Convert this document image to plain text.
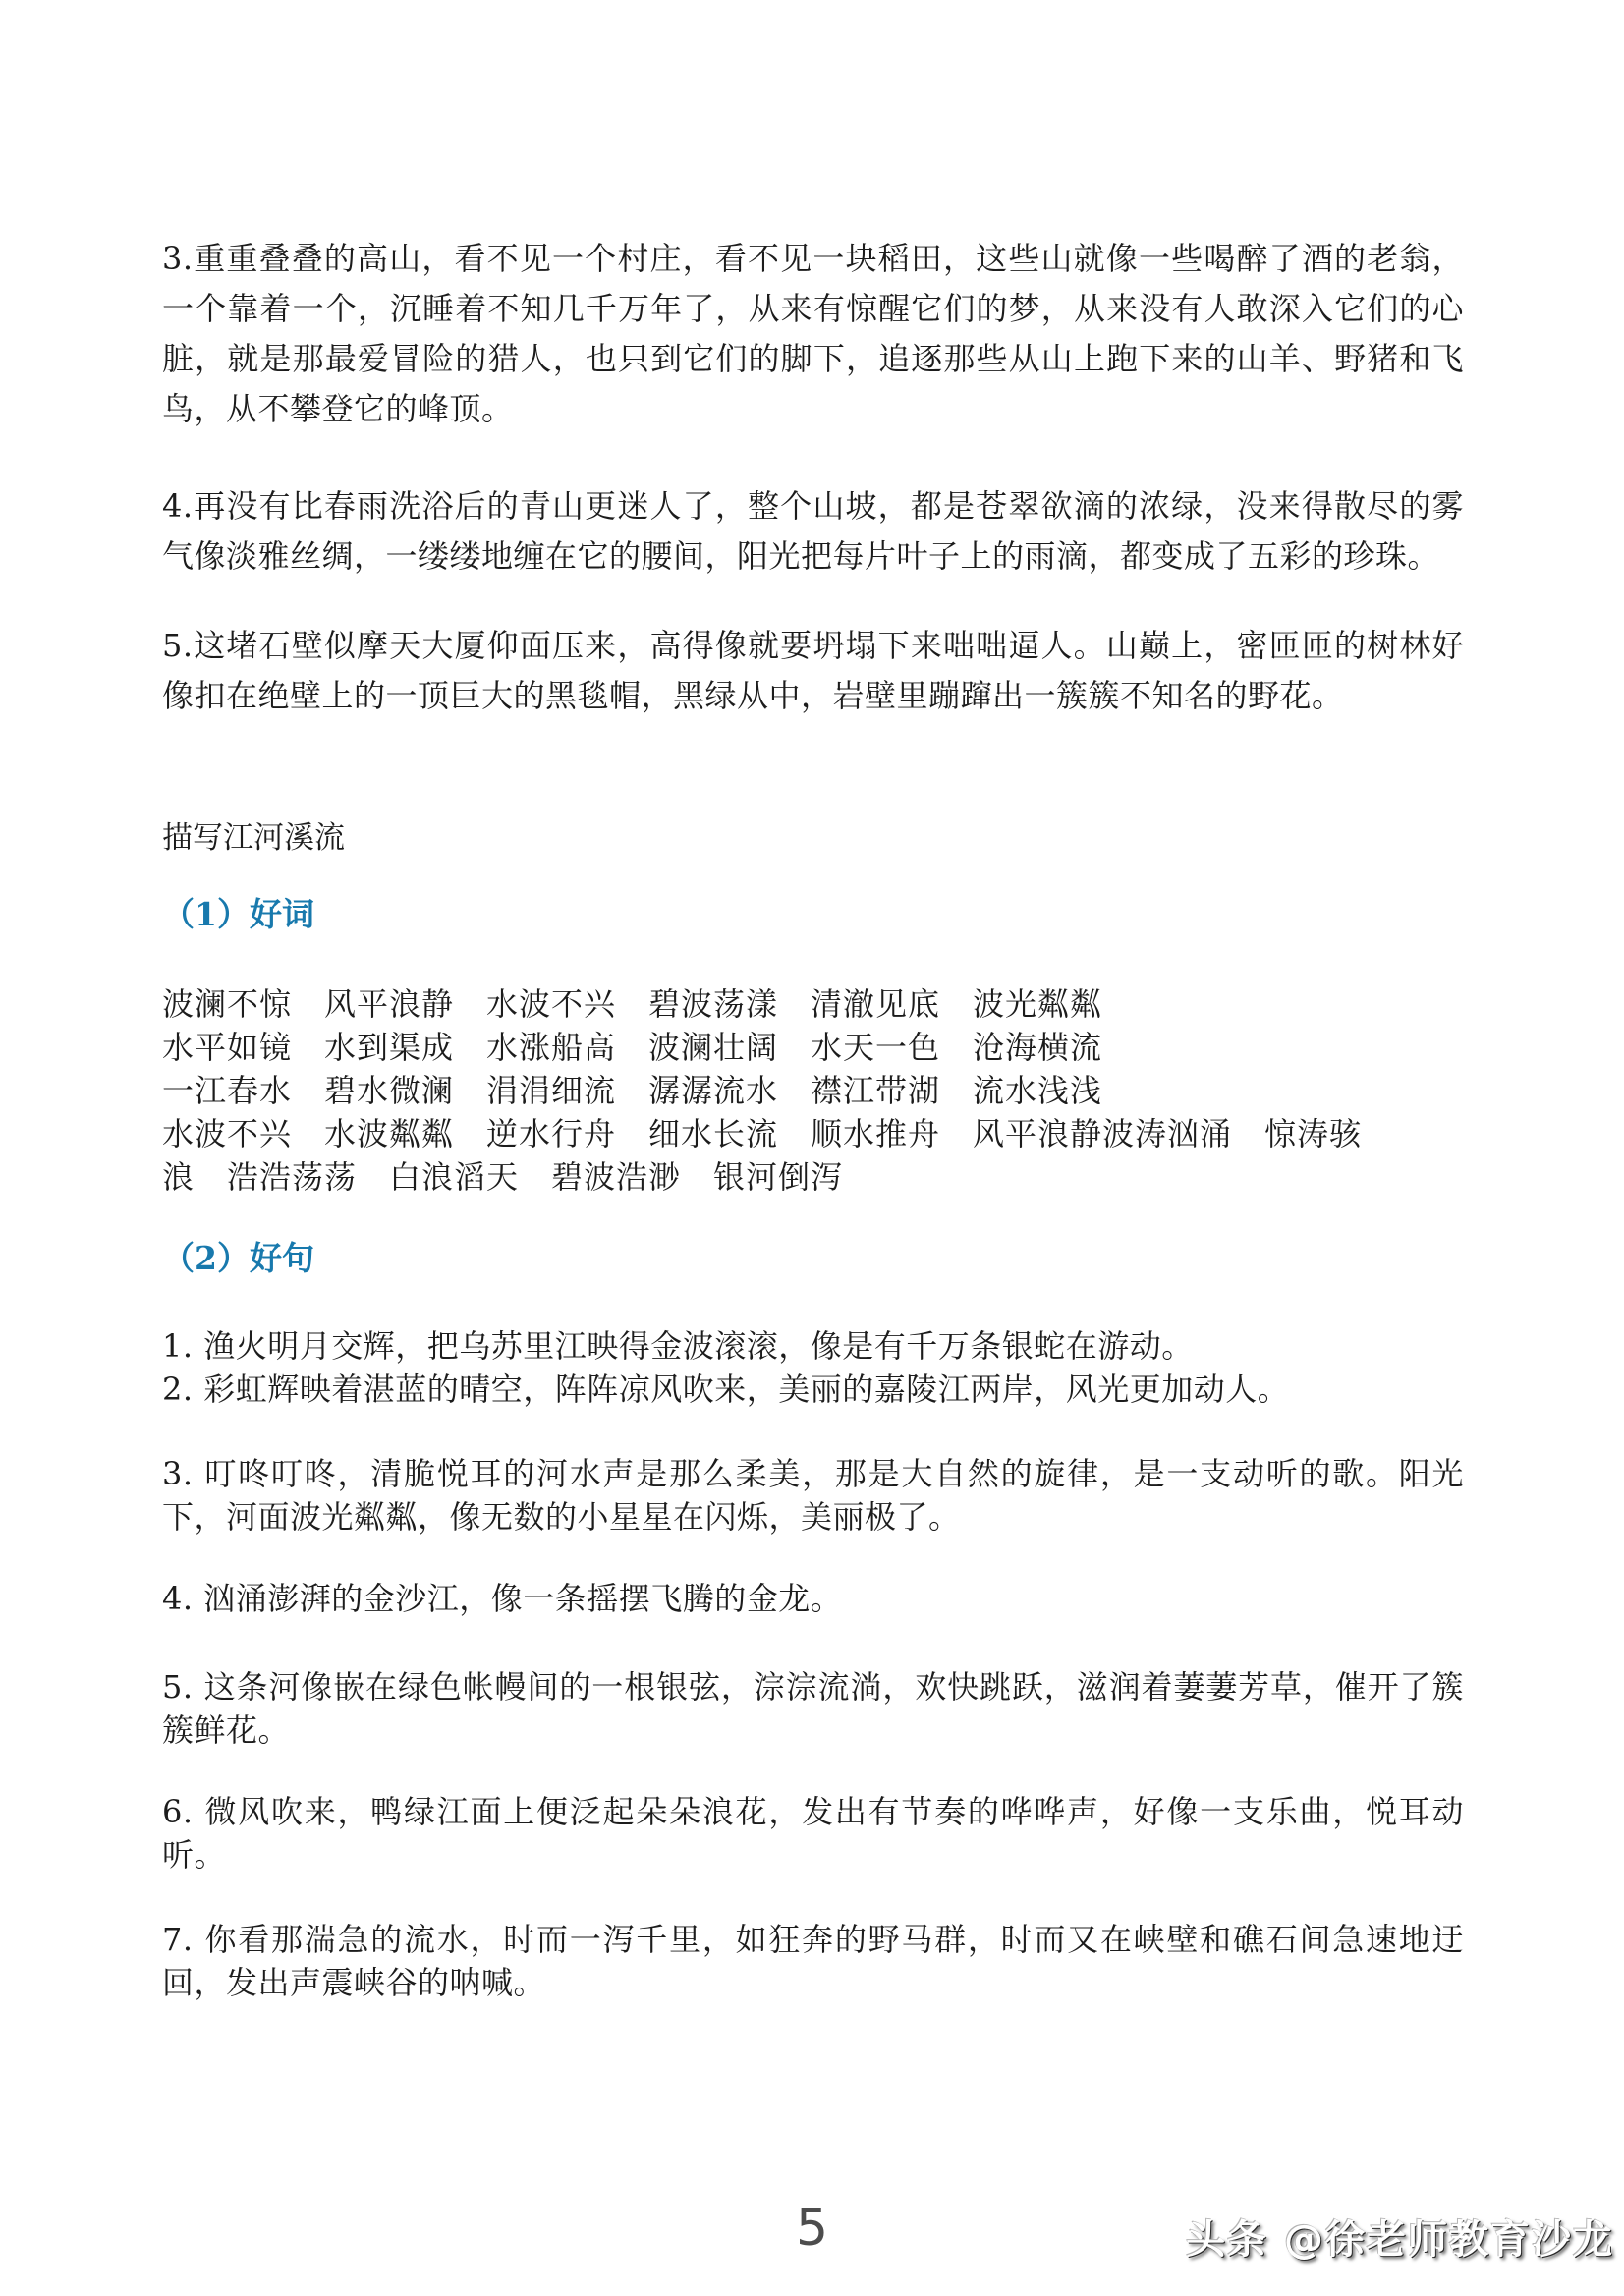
3.重重叠叠的高山，看不见一个村庄，看不见一块稻田，这些山就像一些喝醉了酒的老翁，一个靠着一个，沉睡着不知几千万年了，从来有惊醒它们的梦，从来没有人敢深入它们的心脏，就是那最爱冒险的猎人，也只到它们的脚下，追逐那些从山上跑下来的山羊、野猪和飞鸟，从不攀登它的峰顶。
4.再没有比春雨洗浴后的青山更迷人了，整个山坡，都是苍翠欲滴的浓绿，没来得散尽的雾气像淡雅丝绸，一缕缕地缠在它的腰间，阳光把每片叶子上的雨滴，都变成了五彩的珍珠。
5.这堵石壁似摩天大厦仰面压来，高得像就要坍塌下来咄咄逼人。山巅上，密匝匝的树林好像扣在绝壁上的一顶巨大的黑毯帽，黑绿从中，岩壁里蹦蹿出一簇簇不知名的野花。
描写江河溪流
（1）好词
波澜不惊　风平浪静　水波不兴　碧波荡漾　清澈见底　波光粼粼
水平如镜　水到渠成　水涨船高　波澜壮阔　水天一色　沧海横流
一江春水　碧水微澜　涓涓细流　潺潺流水　襟江带湖　流水浅浅
水波不兴　水波粼粼　逆水行舟　细水长流　顺水推舟　风平浪静波涛汹涌　惊涛骇
浪　浩浩荡荡　白浪滔天　碧波浩渺　银河倒泻
（2）好句
1. 渔火明月交辉，把乌苏里江映得金波滚滚，像是有千万条银蛇在游动。
2. 彩虹辉映着湛蓝的晴空，阵阵凉风吹来，美丽的嘉陵江两岸，风光更加动人。
3. 叮咚叮咚，清脆悦耳的河水声是那么柔美，那是大自然的旋律，是一支动听的歌。阳光下，河面波光粼粼，像无数的小星星在闪烁，美丽极了。
4. 汹涌澎湃的金沙江，像一条摇摆飞腾的金龙。
5. 这条河像嵌在绿色帐幔间的一根银弦，淙淙流淌，欢快跳跃，滋润着萋萋芳草，催开了簇簇鲜花。
6. 微风吹来，鸭绿江面上便泛起朵朵浪花，发出有节奏的哗哗声，好像一支乐曲，悦耳动听。
7. 你看那湍急的流水，时而一泻千里，如狂奔的野马群，时而又在峡壁和礁石间急速地迂回，发出声震峡谷的呐喊。
5	头条 @徐老师教育沙龙
